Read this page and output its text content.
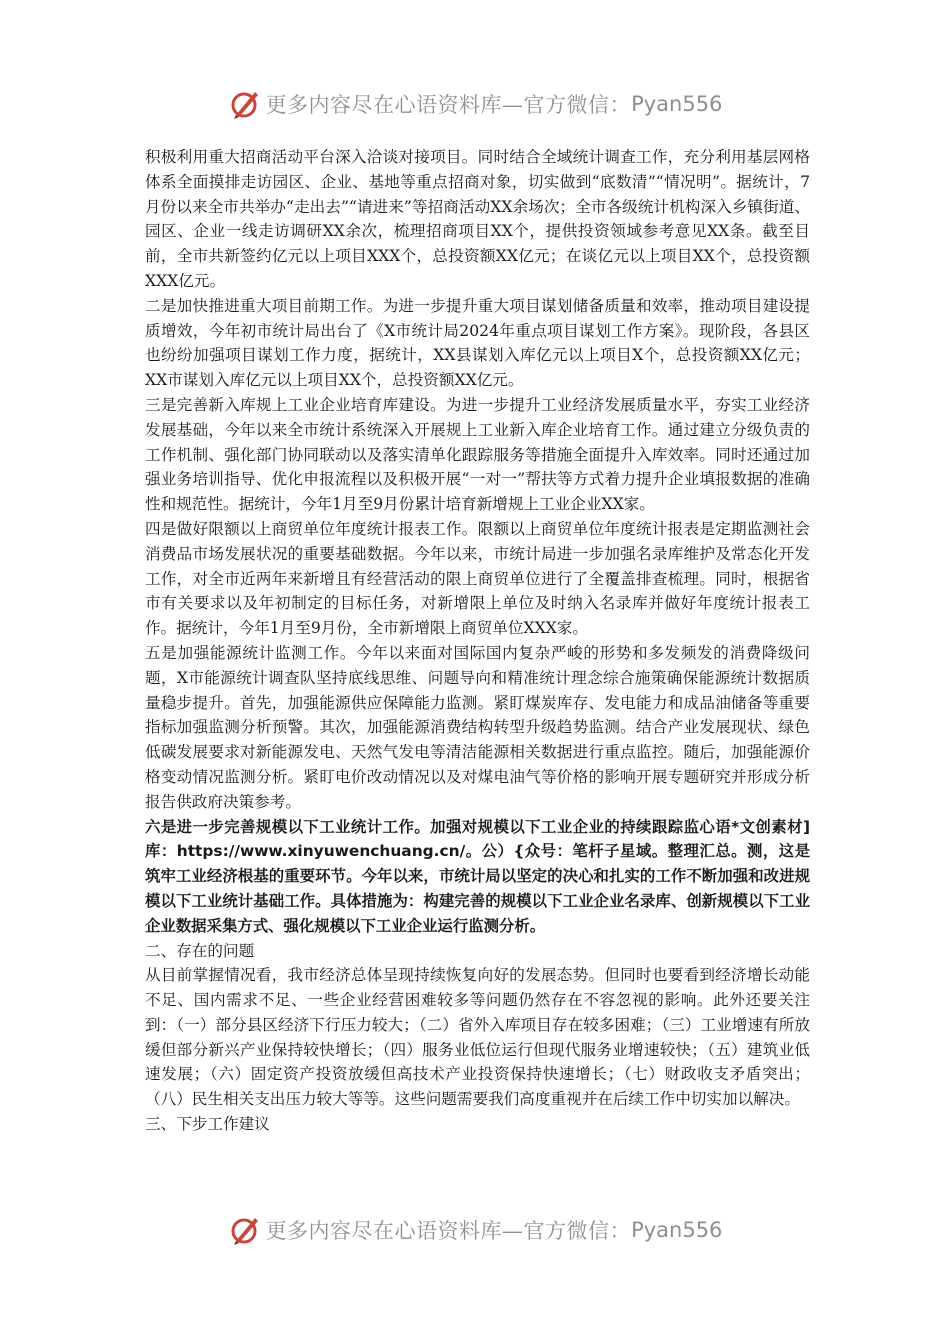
更多内容尽在心语资料库—官方微信： Pyan556

积极利用重大招商活动平台深入洽谈对接项目。同时结合全域统计调查工作，充分利用基层网格体系全面摸排走访园区、企业、基地等重点招商对象，切实做到“底数清”“情况明”。据统计，7月份以来全市共举办“走出去”“请进来”等招商活动XX余场次；全市各级统计机构深入乡镇街道、园区、企业一线走访调研XX余次，梳理招商项目XX个，提供投资领域参考意见XX条。截至目前，全市共新签约亿元以上项目XXX个，总投资额XX亿元；在谈亿元以上项目XX个，总投资额XXX亿元。

二是加快推进重大项目前期工作。为进一步提升重大项目谋划储备质量和效率，推动项目建设提质增效，今年初市统计局出台了《X市统计局2024年重点项目谋划工作方案》。现阶段，各县区也纷纷加强项目谋划工作力度，据统计，XX县谋划入库亿元以上项目X个，总投资额XX亿元；XX市谋划入库亿元以上项目XX个，总投资额XX亿元。

三是完善新入库规上工业企业培育库建设。为进一步提升工业经济发展质量水平，夯实工业经济发展基础，今年以来全市统计系统深入开展规上工业新入库企业培育工作。通过建立分级负责的工作机制、强化部门协同联动以及落实清单化跟踪服务等措施全面提升入库效率。同时还通过加强业务培训指导、优化申报流程以及积极开展“一对一”帮扶等方式着力提升企业填报数据的准确性和规范性。据统计，今年1月至9月份累计培育新增规上工业企业XX家。

四是做好限额以上商贸单位年度统计报表工作。限额以上商贸单位年度统计报表是定期监测社会消费品市场发展状况的重要基础数据。今年以来，市统计局进一步加强名录库维护及常态化开发工作，对全市近两年来新增且有经营活动的限上商贸单位进行了全覆盖排查梳理。同时，根据省市有关要求以及年初制定的目标任务，对新增限上单位及时纳入名录库并做好年度统计报表工作。据统计，今年1月至9月份，全市新增限上商贸单位XXX家。

五是加强能源统计监测工作。今年以来面对国际国内复杂严峻的形势和多发频发的消费降级问题，X市能源统计调查队坚持底线思维、问题导向和精准统计理念综合施策确保能源统计数据质量稳步提升。首先，加强能源供应保障能力监测。紧盯煤炭库存、发电能力和成品油储备等重要指标加强监测分析预警。其次，加强能源消费结构转型升级趋势监测。结合产业发展现状、绿色低碳发展要求对新能源发电、天然气发电等清洁能源相关数据进行重点监控。随后，加强能源价格变动情况监测分析。紧盯电价改动情况以及对煤电油气等价格的影响开展专题研究并形成分析报告供政府决策参考。

六是进一步完善规模以下工业统计工作。加强对规模以下工业企业的持续跟踪监心语*文创素材]库：https://www.xinyuwenchuang.cn/。公）{众号：笔杆子星域。整理汇总。测，这是筑牢工业经济根基的重要环节。今年以来，市统计局以坚定的决心和扎实的工作不断加强和改进规模以下工业统计基础工作。具体措施为：构建完善的规模以下工业企业名录库、创新规模以下工业企业数据采集方式、强化规模以下工业企业运行监测分析。

二、存在的问题

从目前掌握情况看，我市经济总体呈现持续恢复向好的发展态势。但同时也要看到经济增长动能不足、国内需求不足、一些企业经营困难较多等问题仍然存在不容忽视的影响。此外还要关注到：（一）部分县区经济下行压力较大；（二）省外入库项目存在较多困难；（三）工业增速有所放缓但部分新兴产业保持较快增长；（四）服务业低位运行但现代服务业增速较快；（五）建筑业低速发展；（六）固定资产投资放缓但高技术产业投资保持快速增长；（七）财政收支矛盾突出；（八）民生相关支出压力较大等等。这些问题需要我们高度重视并在后续工作中切实加以解决。

三、下步工作建议

更多内容尽在心语资料库—官方微信： Pyan556
